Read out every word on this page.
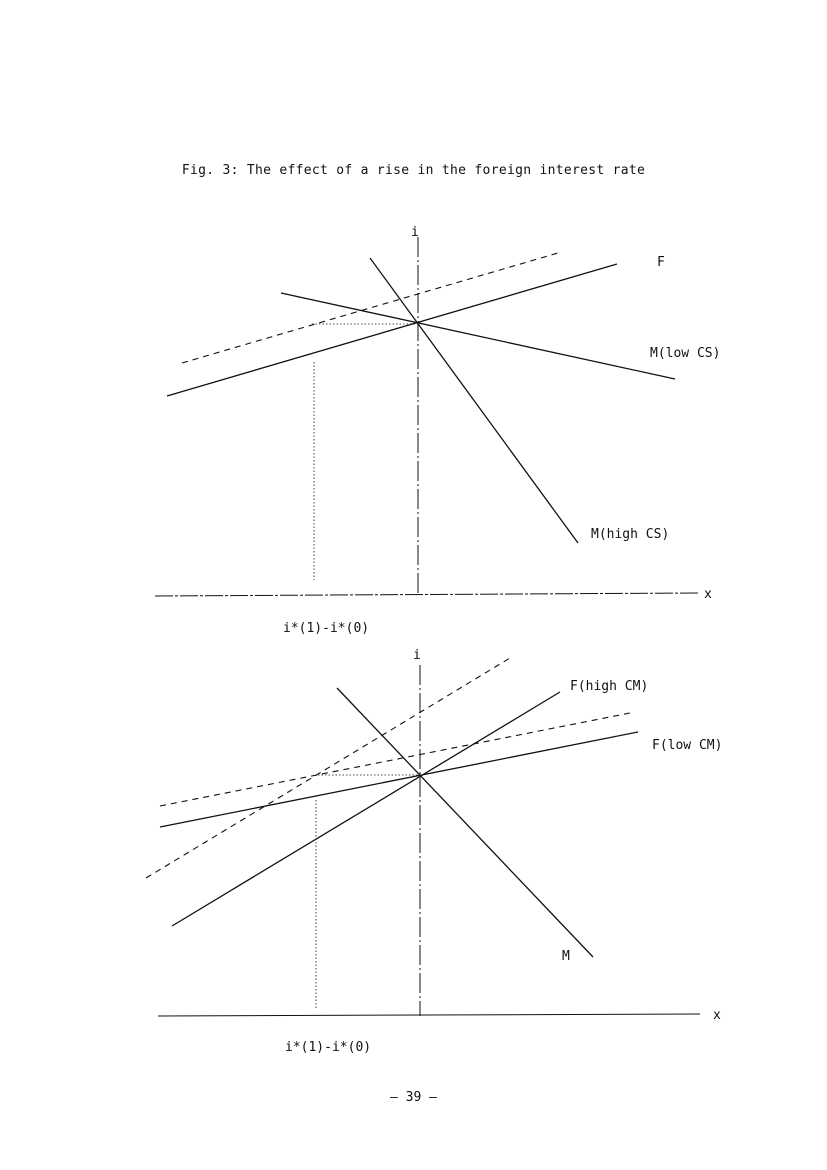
Fig. 3: The effect of a rise in the foreign interest rate
x
i
F
M(low CS)
M(high CS)
i*(1)-i*(0)
x
i
F(high CM)
F(low CM)
M
i*(1)-i*(0)
— 39 —
